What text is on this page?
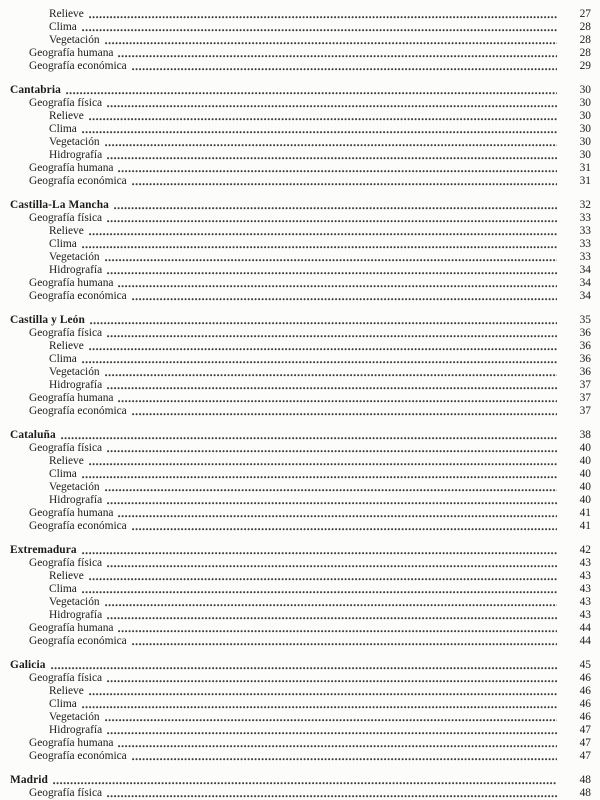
Relieve	27
Clima	28
Vegetación	28
Geografía humana	28
Geografía económica	29
Cantabria	30
Geografía física	30
Relieve	30
Clima	30
Vegetación	30
Hidrografía	30
Geografía humana	31
Geografía económica	31
Castilla-La Mancha	32
Geografía física	33
Relieve	33
Clima	33
Vegetación	33
Hidrografía	34
Geografía humana	34
Geografía económica	34
Castilla y León	35
Geografía física	36
Relieve	36
Clima	36
Vegetación	36
Hidrografía	37
Geografía humana	37
Geografía económica	37
Cataluña	38
Geografía física	40
Relieve	40
Clima	40
Vegetación	40
Hidrografía	40
Geografía humana	41
Geografía económica	41
Extremadura	42
Geografía física	43
Relieve	43
Clima	43
Vegetación	43
Hidrografía	43
Geografía humana	44
Geografía económica	44
Galicia	45
Geografía física	46
Relieve	46
Clima	46
Vegetación	46
Hidrografía	47
Geografía humana	47
Geografía económica	47
Madrid	48
Geografía física	48
